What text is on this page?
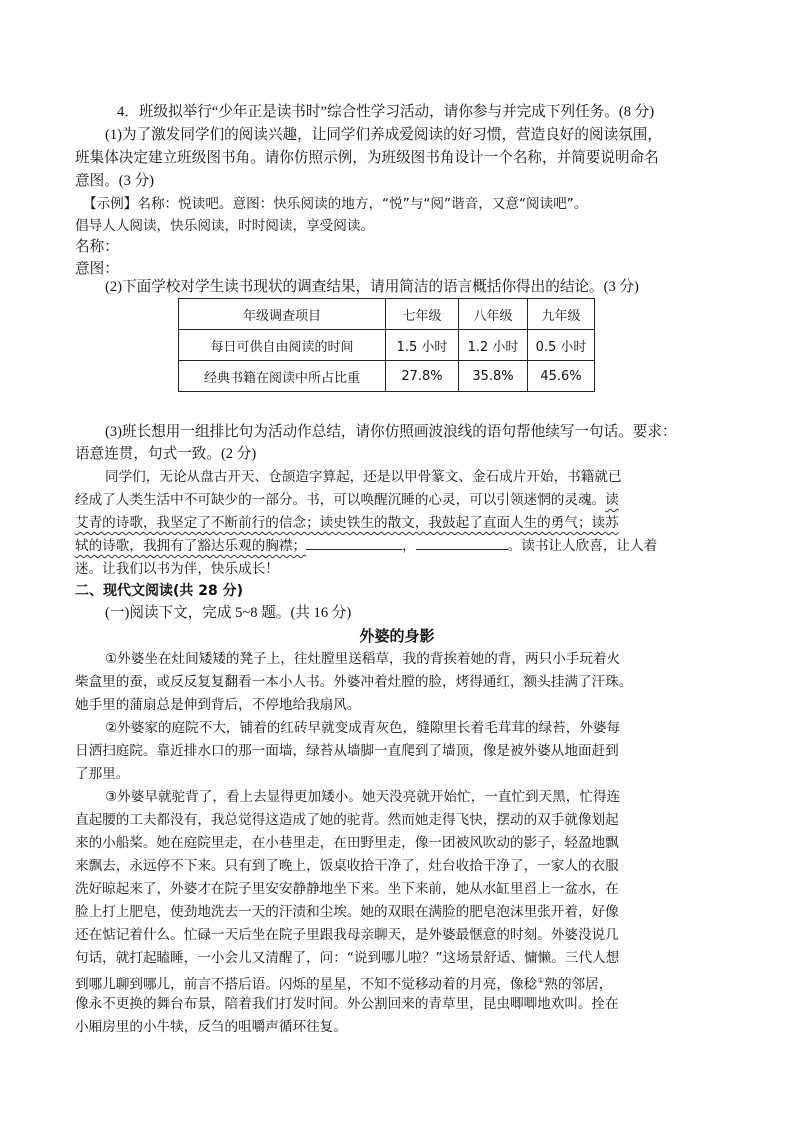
4．班级拟举行“少年正是读书时”综合性学习活动，请你参与并完成下列任务。(8 分)
(1)为了激发同学们的阅读兴趣，让同学们养成爱阅读的好习惯，营造良好的阅读氛围，
班集体决定建立班级图书角。请你仿照示例，为班级图书角设计一个名称，并简要说明命名
意图。(3 分)
【示例】名称：悦读吧。意图：快乐阅读的地方，“悦”与“阅”谐音，又意“阅读吧”。
倡导人人阅读，快乐阅读，时时阅读，享受阅读。
名称：
意图：
(2)下面学校对学生读书现状的调查结果，请用简洁的语言概括你得出的结论。(3 分)
年级调查项目	七年级	八年级	九年级
每日可供自由阅读的时间	1.5 小时	1.2 小时	0.5 小时
经典书籍在阅读中所占比重	27.8%	35.8%	45.6%
(3)班长想用一组排比句为活动作总结，请你仿照画波浪线的语句帮他续写一句话。要求：
语意连贯，句式一致。(2 分)
同学们，无论从盘古开天、仓颉造字算起，还是以甲骨篆文、金石成片开始，书籍就已
经成了人类生活中不可缺少的一部分。书，可以唤醒沉睡的心灵，可以引领迷惘的灵魂。读
艾青的诗歌，我坚定了不断前行的信念；读史铁生的散文，我鼓起了直面人生的勇气；读苏
轼的诗歌，我拥有了豁达乐观的胸襟；	，	。读书让人欣喜，让人着
迷。让我们以书为伴，快乐成长！
二、现代文阅读(共 28 分)
(一)阅读下文，完成 5~8 题。(共 16 分)
外婆的身影
①外婆坐在灶间矮矮的凳子上，往灶膛里送稻草，我的背挨着她的背，两只小手玩着火
柴盒里的蚕，或反反复复翻看一本小人书。外婆冲着灶膛的脸，烤得通红，额头挂满了汗珠。
她手里的蒲扇总是伸到背后，不停地给我扇风。
②外婆家的庭院不大，铺着的红砖早就变成青灰色，缝隙里长着毛茸茸的绿苔，外婆每
日洒扫庭院。靠近排水口的那一面墙，绿苔从墙脚一直爬到了墙顶，像是被外婆从地面赶到
了那里。
③外婆早就驼背了，看上去显得更加矮小。她天没亮就开始忙，一直忙到天黑，忙得连
直起腰的工夫都没有，我总觉得这造成了她的驼背。然而她走得飞快，摆动的双手就像划起
来的小船桨。她在庭院里走，在小巷里走，在田野里走，像一团被风吹动的影子，轻盈地飘
来飘去，永远停不下来。只有到了晚上，饭桌收拾干净了，灶台收拾干净了，一家人的衣服
洗好晾起来了，外婆才在院子里安安静静地坐下来。坐下来前，她从水缸里舀上一盆水，在
脸上打上肥皂，使劲地洗去一天的汗渍和尘埃。她的双眼在满脸的肥皂泡沫里张开着，好像
还在惦记着什么。忙碌一天后坐在院子里跟我母亲聊天，是外婆最惬意的时刻。外婆没说几
句话，就打起瞌睡，一小会儿又清醒了，问：“说到哪儿啦？”这场景舒适、慵懒。三代人想
到哪儿聊到哪儿，前言不搭后语。闪烁的星星，不知不觉移动着的月亮，像稔①熟的邻居，
像永不更换的舞台布景，陪着我们打发时间。外公割回来的青草里，昆虫唧唧地欢叫。拴在
小厢房里的小牛犊，反刍的咀嚼声循环往复。
